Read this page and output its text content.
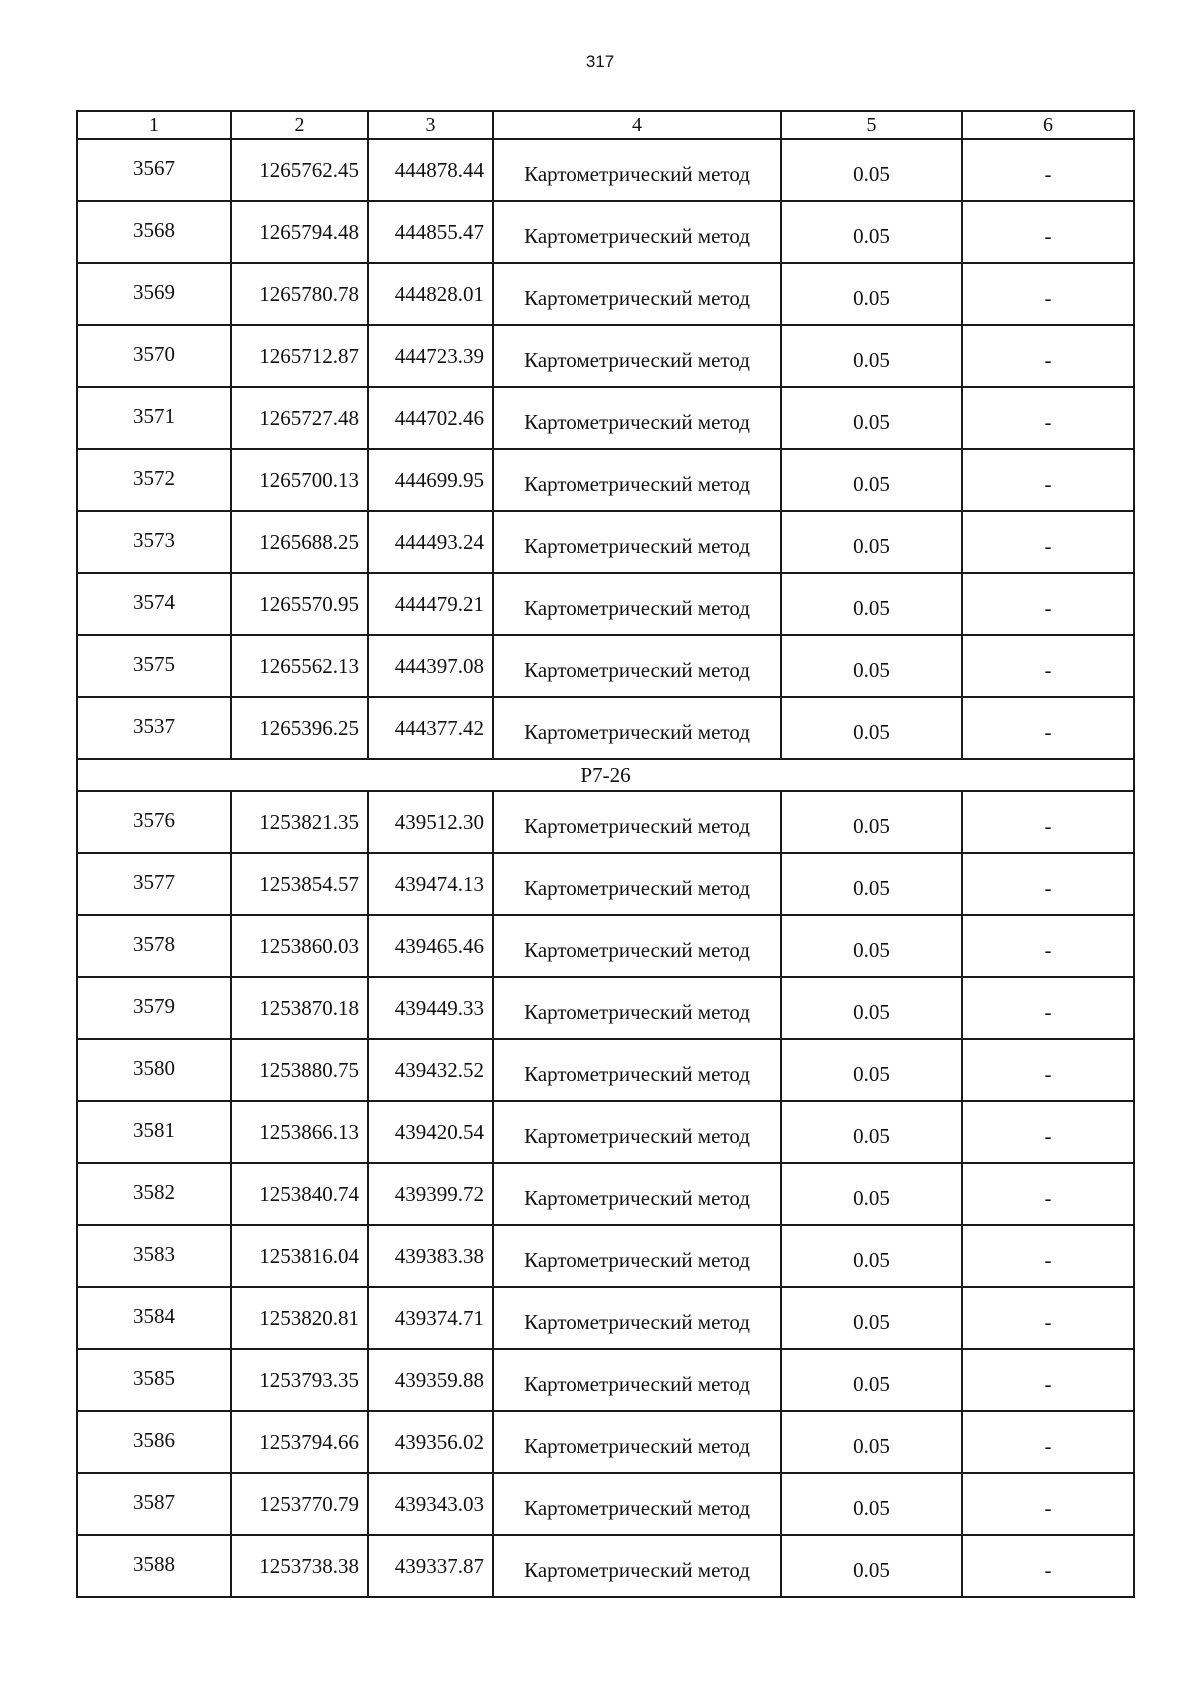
317
1	2	3	4	5	6

3567	1265762.45	444878.44	Картометрический метод	0.05	-

3568	1265794.48	444855.47	Картометрический метод	0.05	-

3569	1265780.78	444828.01	Картометрический метод	0.05	-

3570	1265712.87	444723.39	Картометрический метод	0.05	-

3571	1265727.48	444702.46	Картометрический метод	0.05	-

3572	1265700.13	444699.95	Картометрический метод	0.05	-

3573	1265688.25	444493.24	Картометрический метод	0.05	-

3574	1265570.95	444479.21	Картометрический метод	0.05	-

3575	1265562.13	444397.08	Картометрический метод	0.05	-

3537	1265396.25	444377.42	Картометрический метод	0.05	-

Р7-26					

3576	1253821.35	439512.30	Картометрический метод	0.05	-

3577	1253854.57	439474.13	Картометрический метод	0.05	-

3578	1253860.03	439465.46	Картометрический метод	0.05	-

3579	1253870.18	439449.33	Картометрический метод	0.05	-

3580	1253880.75	439432.52	Картометрический метод	0.05	-

3581	1253866.13	439420.54	Картометрический метод	0.05	-

3582	1253840.74	439399.72	Картометрический метод	0.05	-

3583	1253816.04	439383.38	Картометрический метод	0.05	-

3584	1253820.81	439374.71	Картометрический метод	0.05	-

3585	1253793.35	439359.88	Картометрический метод	0.05	-

3586	1253794.66	439356.02	Картометрический метод	0.05	-

3587	1253770.79	439343.03	Картометрический метод	0.05	-

3588	1253738.38	439337.87	Картометрический метод	0.05	-
